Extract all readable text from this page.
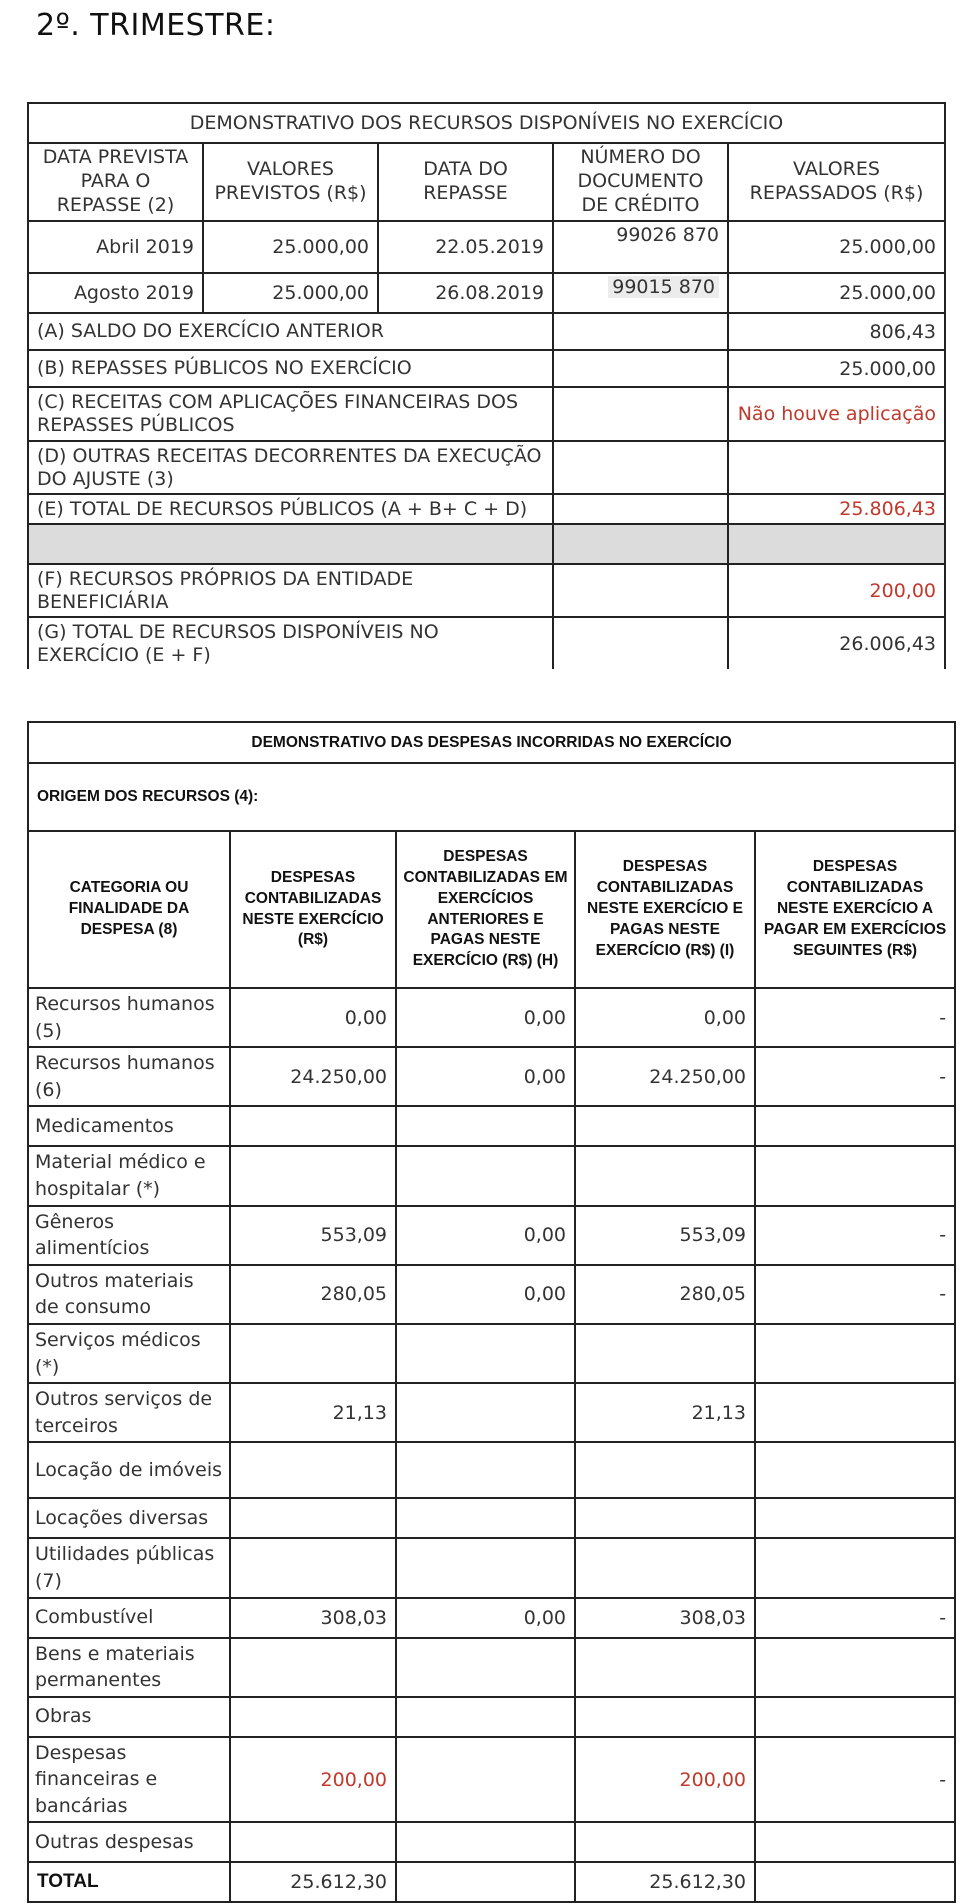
2º. TRIMESTRE:
DEMONSTRATIVO DOS RECURSOS DISPONÍVEIS NO EXERCÍCIO				
DATA PREVISTA PARA O REPASSE (2)	VALORES PREVISTOS (R$)	DATA DO REPASSE	NÚMERO DO DOCUMENTO DE CRÉDITO	VALORES REPASSADOS (R$)
Abril 2019	25.000,00	22.05.2019	99026 870	25.000,00
Agosto 2019	25.000,00	26.08.2019	99015 870	25.000,00
(A) SALDO DO EXERCÍCIO ANTERIOR				806,43
(B) REPASSES PÚBLICOS NO EXERCÍCIO				25.000,00
(C) RECEITAS COM APLICAÇÕES FINANCEIRAS DOS REPASSES PÚBLICOS				Não houve aplicação
(D) OUTRAS RECEITAS DECORRENTES DA EXECUÇÃO DO AJUSTE (3)				
(E) TOTAL DE RECURSOS PÚBLICOS (A + B+ C + D)				25.806,43

(F) RECURSOS PRÓPRIOS DA ENTIDADE BENEFICIÁRIA				200,00
(G) TOTAL DE RECURSOS DISPONÍVEIS NO EXERCÍCIO (E + F)				26.006,43
DEMONSTRATIVO DAS DESPESAS INCORRIDAS NO EXERCÍCIO				
ORIGEM DOS RECURSOS (4):				
CATEGORIA OU FINALIDADE DA DESPESA (8)	DESPESAS CONTABILIZADAS NESTE EXERCÍCIO (R$)	DESPESAS CONTABILIZADAS EM EXERCÍCIOS ANTERIORES E PAGAS NESTE EXERCÍCIO (R$) (H)	DESPESAS CONTABILIZADAS NESTE EXERCÍCIO E PAGAS NESTE EXERCÍCIO (R$) (I)	DESPESAS CONTABILIZADAS NESTE EXERCÍCIO A PAGAR EM EXERCÍCIOS SEGUINTES (R$)
Recursos humanos (5)	0,00	0,00	0,00	-
Recursos humanos (6)	24.250,00	0,00	24.250,00	-
Medicamentos				
Material médico e hospitalar (*)				
Gêneros alimentícios	553,09	0,00	553,09	-
Outros materiais de consumo	280,05	0,00	280,05	-
Serviços médicos (*)				
Outros serviços de terceiros	21,13		21,13	
Locação de imóveis				
Locações diversas				
Utilidades públicas (7)				
Combustível	308,03	0,00	308,03	-
Bens e materiais permanentes				
Obras				
Despesas financeiras e bancárias	200,00		200,00	-
Outras despesas				
TOTAL	25.612,30		25.612,30	
